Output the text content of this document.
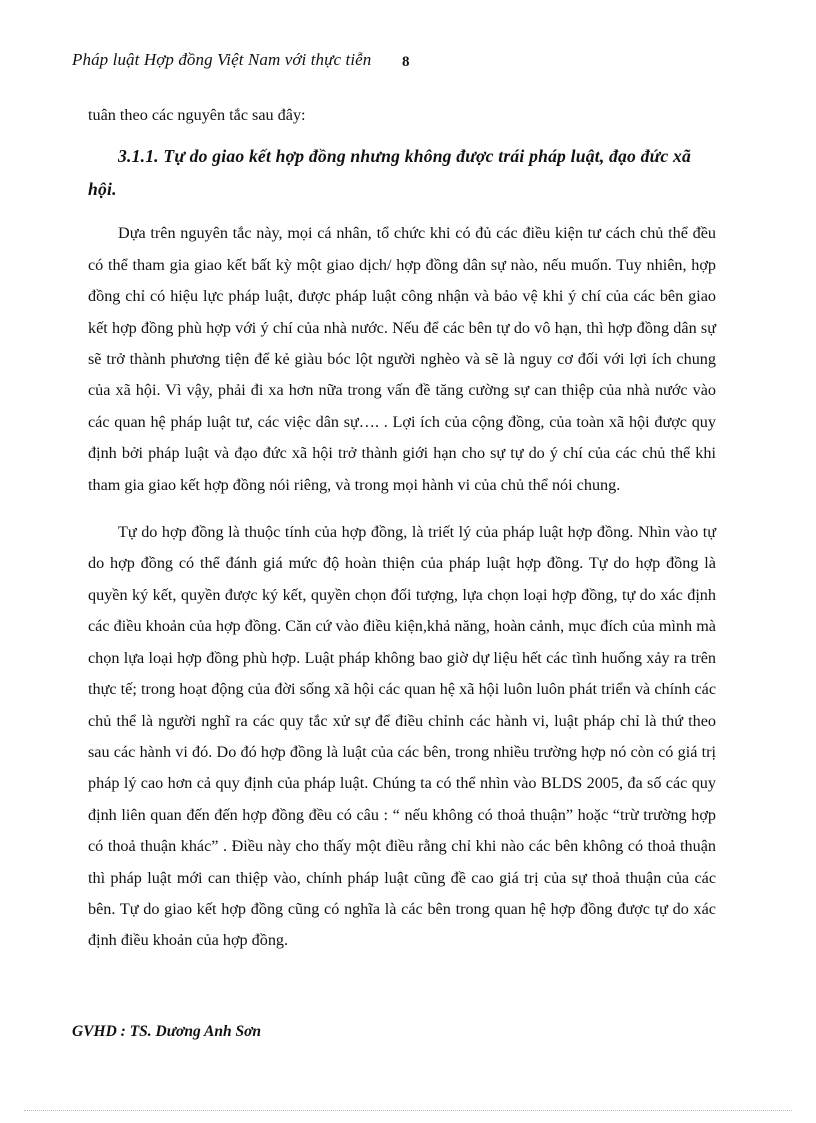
Pháp luật Hợp đồng Việt Nam với thực tiễn 8

tuân theo các nguyên tắc sau đây:

3.1.1. Tự do giao kết hợp đồng nhưng không được trái pháp luật, đạo đức xã hội.

Dựa trên nguyên tắc này, mọi cá nhân, tổ chức khi có đủ các điều kiện tư cách chủ thể đều có thể tham gia giao kết bất kỳ một giao dịch/ hợp đồng dân sự nào, nếu muốn. Tuy nhiên, hợp đồng chỉ có hiệu lực pháp luật, được pháp luật công nhận và bảo vệ khi ý chí của các bên giao kết hợp đồng phù hợp với ý chí của nhà nước. Nếu để các bên tự do vô hạn, thì hợp đồng dân sự sẽ trở thành phương tiện để kẻ giàu bóc lột người nghèo và sẽ là nguy cơ đối với lợi ích chung của xã hội. Vì vậy, phải đi xa hơn nữa trong vấn đề tăng cường sự can thiệp của nhà nước vào các quan hệ pháp luật tư, các việc dân sự…. . Lợi ích của cộng đồng, của toàn xã hội được quy định bởi pháp luật và đạo đức xã hội trở thành giới hạn cho sự tự do ý chí của các chủ thể khi tham gia giao kết hợp đồng nói riêng, và trong mọi hành vi của chủ thể nói chung.

Tự do hợp đồng là thuộc tính của hợp đồng, là triết lý của pháp luật hợp đồng. Nhìn vào tự do hợp đồng có thể đánh giá mức độ hoàn thiện của pháp luật hợp đồng. Tự do hợp đồng là quyền ký kết, quyền được ký kết, quyền chọn đối tượng, lựa chọn loại hợp đồng, tự do xác định các điều khoản của hợp đồng. Căn cứ vào điều kiện,khả năng, hoàn cảnh, mục đích của mình mà chọn lựa loại hợp đồng phù hợp. Luật pháp không bao giờ dự liệu hết các tình huống xảy ra trên thực tế; trong hoạt động của đời sống xã hội các quan hệ xã hội luôn luôn phát triển và chính các chủ thể là người nghĩ ra các quy tắc xử sự để điều chỉnh các hành vi, luật pháp chỉ là thứ theo sau các hành vi đó. Do đó hợp đồng là luật của các bên, trong nhiều trường hợp nó còn có giá trị pháp lý cao hơn cả quy định của pháp luật. Chúng ta có thể nhìn vào BLDS 2005, đa số các quy định liên quan đến đến hợp đồng đều có câu : “ nếu không có thoả thuận” hoặc “trừ trường hợp có thoả thuận khác” . Điều này cho thấy một điều rằng chỉ khi nào các bên không có thoả thuận thì pháp luật mới can thiệp vào, chính pháp luật cũng đề cao giá trị của sự thoả thuận của các bên. Tự do giao kết hợp đồng cũng có nghĩa là các bên trong quan hệ hợp đồng được tự do xác định điều khoản của hợp đồng.

GVHD : TS. Dương Anh Sơn
